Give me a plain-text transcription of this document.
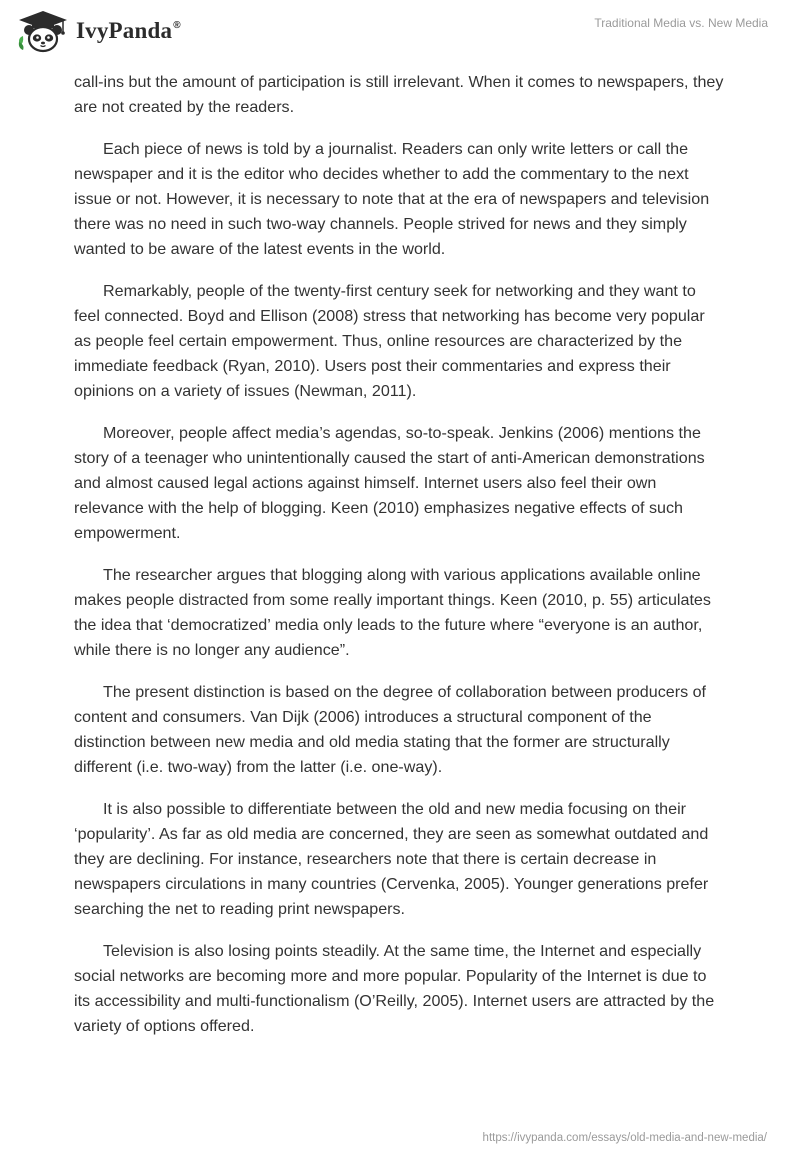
IvyPanda®	Traditional Media vs. New Media

call-ins but the amount of participation is still irrelevant. When it comes to newspapers, they are not created by the readers.

Each piece of news is told by a journalist. Readers can only write letters or call the newspaper and it is the editor who decides whether to add the commentary to the next issue or not. However, it is necessary to note that at the era of newspapers and television there was no need in such two-way channels. People strived for news and they simply wanted to be aware of the latest events in the world.

Remarkably, people of the twenty-first century seek for networking and they want to feel connected. Boyd and Ellison (2008) stress that networking has become very popular as people feel certain empowerment. Thus, online resources are characterized by the immediate feedback (Ryan, 2010). Users post their commentaries and express their opinions on a variety of issues (Newman, 2011).

Moreover, people affect media’s agendas, so-to-speak. Jenkins (2006) mentions the story of a teenager who unintentionally caused the start of anti-American demonstrations and almost caused legal actions against himself. Internet users also feel their own relevance with the help of blogging. Keen (2010) emphasizes negative effects of such empowerment.

The researcher argues that blogging along with various applications available online makes people distracted from some really important things. Keen (2010, p. 55) articulates the idea that ‘democratized’ media only leads to the future where “everyone is an author, while there is no longer any audience”.

The present distinction is based on the degree of collaboration between producers of content and consumers. Van Dijk (2006) introduces a structural component of the distinction between new media and old media stating that the former are structurally different (i.e. two-way) from the latter (i.e. one-way).

It is also possible to differentiate between the old and new media focusing on their ‘popularity’. As far as old media are concerned, they are seen as somewhat outdated and they are declining. For instance, researchers note that there is certain decrease in newspapers circulations in many countries (Cervenka, 2005). Younger generations prefer searching the net to reading print newspapers.

Television is also losing points steadily. At the same time, the Internet and especially social networks are becoming more and more popular. Popularity of the Internet is due to its accessibility and multi-functionalism (O’Reilly, 2005). Internet users are attracted by the variety of options offered.

https://ivypanda.com/essays/old-media-and-new-media/
